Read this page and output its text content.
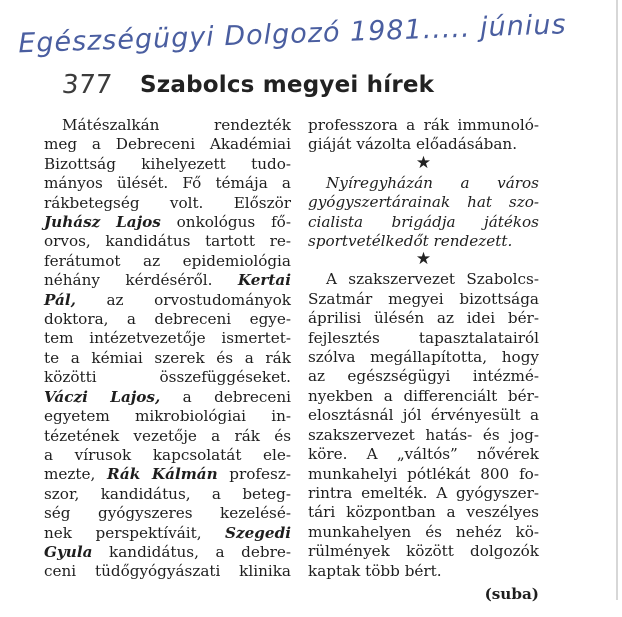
Egészségügyi Dolgozó 1981..... június
377 Szabolcs megyei hírek
Mátészalkán	rendezték
meg a Debreceni Akadémiai
Bizottság kihelyezett tudo-
mányos ülését. Fő témája a
rákbetegség volt. Először
Juhász Lajos onkológus fő-
orvos, kandidátus tartott re-
ferátumot az epidemiológia
néhány kérdéséről. Kertai
Pál, az orvostudományok
doktora, a debreceni egye-
tem intézetvezetője ismertet-
te a kémiai szerek és a rák
közötti	összefüggéseket.
Váczi Lajos, a debreceni
egyetem mikrobiológiai in-
tézetének vezetője a rák és
a vírusok kapcsolatát ele-
mezte, Rák Kálmán profesz-
szor, kandidátus, a beteg-
ség gyógyszeres kezelésé-
nek perspektíváit, Szegedi
Gyula kandidátus, a debre-
ceni tüdőgyógyászati klinika
professzora a rák immunoló-
giáját vázolta előadásában.
★
Nyíregyházán a város
gyógyszertárainak hat szo-
cialista brigádja játékos
sportvetélkedőt rendezett.
★
A szakszervezet Szabolcs-
Szatmár megyei bizottsága
áprilisi ülésén az idei bér-
fejlesztés	tapasztalatairól
szólva megállapította, hogy
az egészségügyi intézmé-
nyekben a differenciált bér-
elosztásnál jól érvényesült a
szakszervezet hatás- és jog-
köre. A „váltós” nővérek
munkahelyi pótlékát 800 fo-
rintra emelték. A gyógyszer-
tári központban a veszélyes
munkahelyen és nehéz kö-
rülmények között dolgozók
kaptak több bért.
(suba)
